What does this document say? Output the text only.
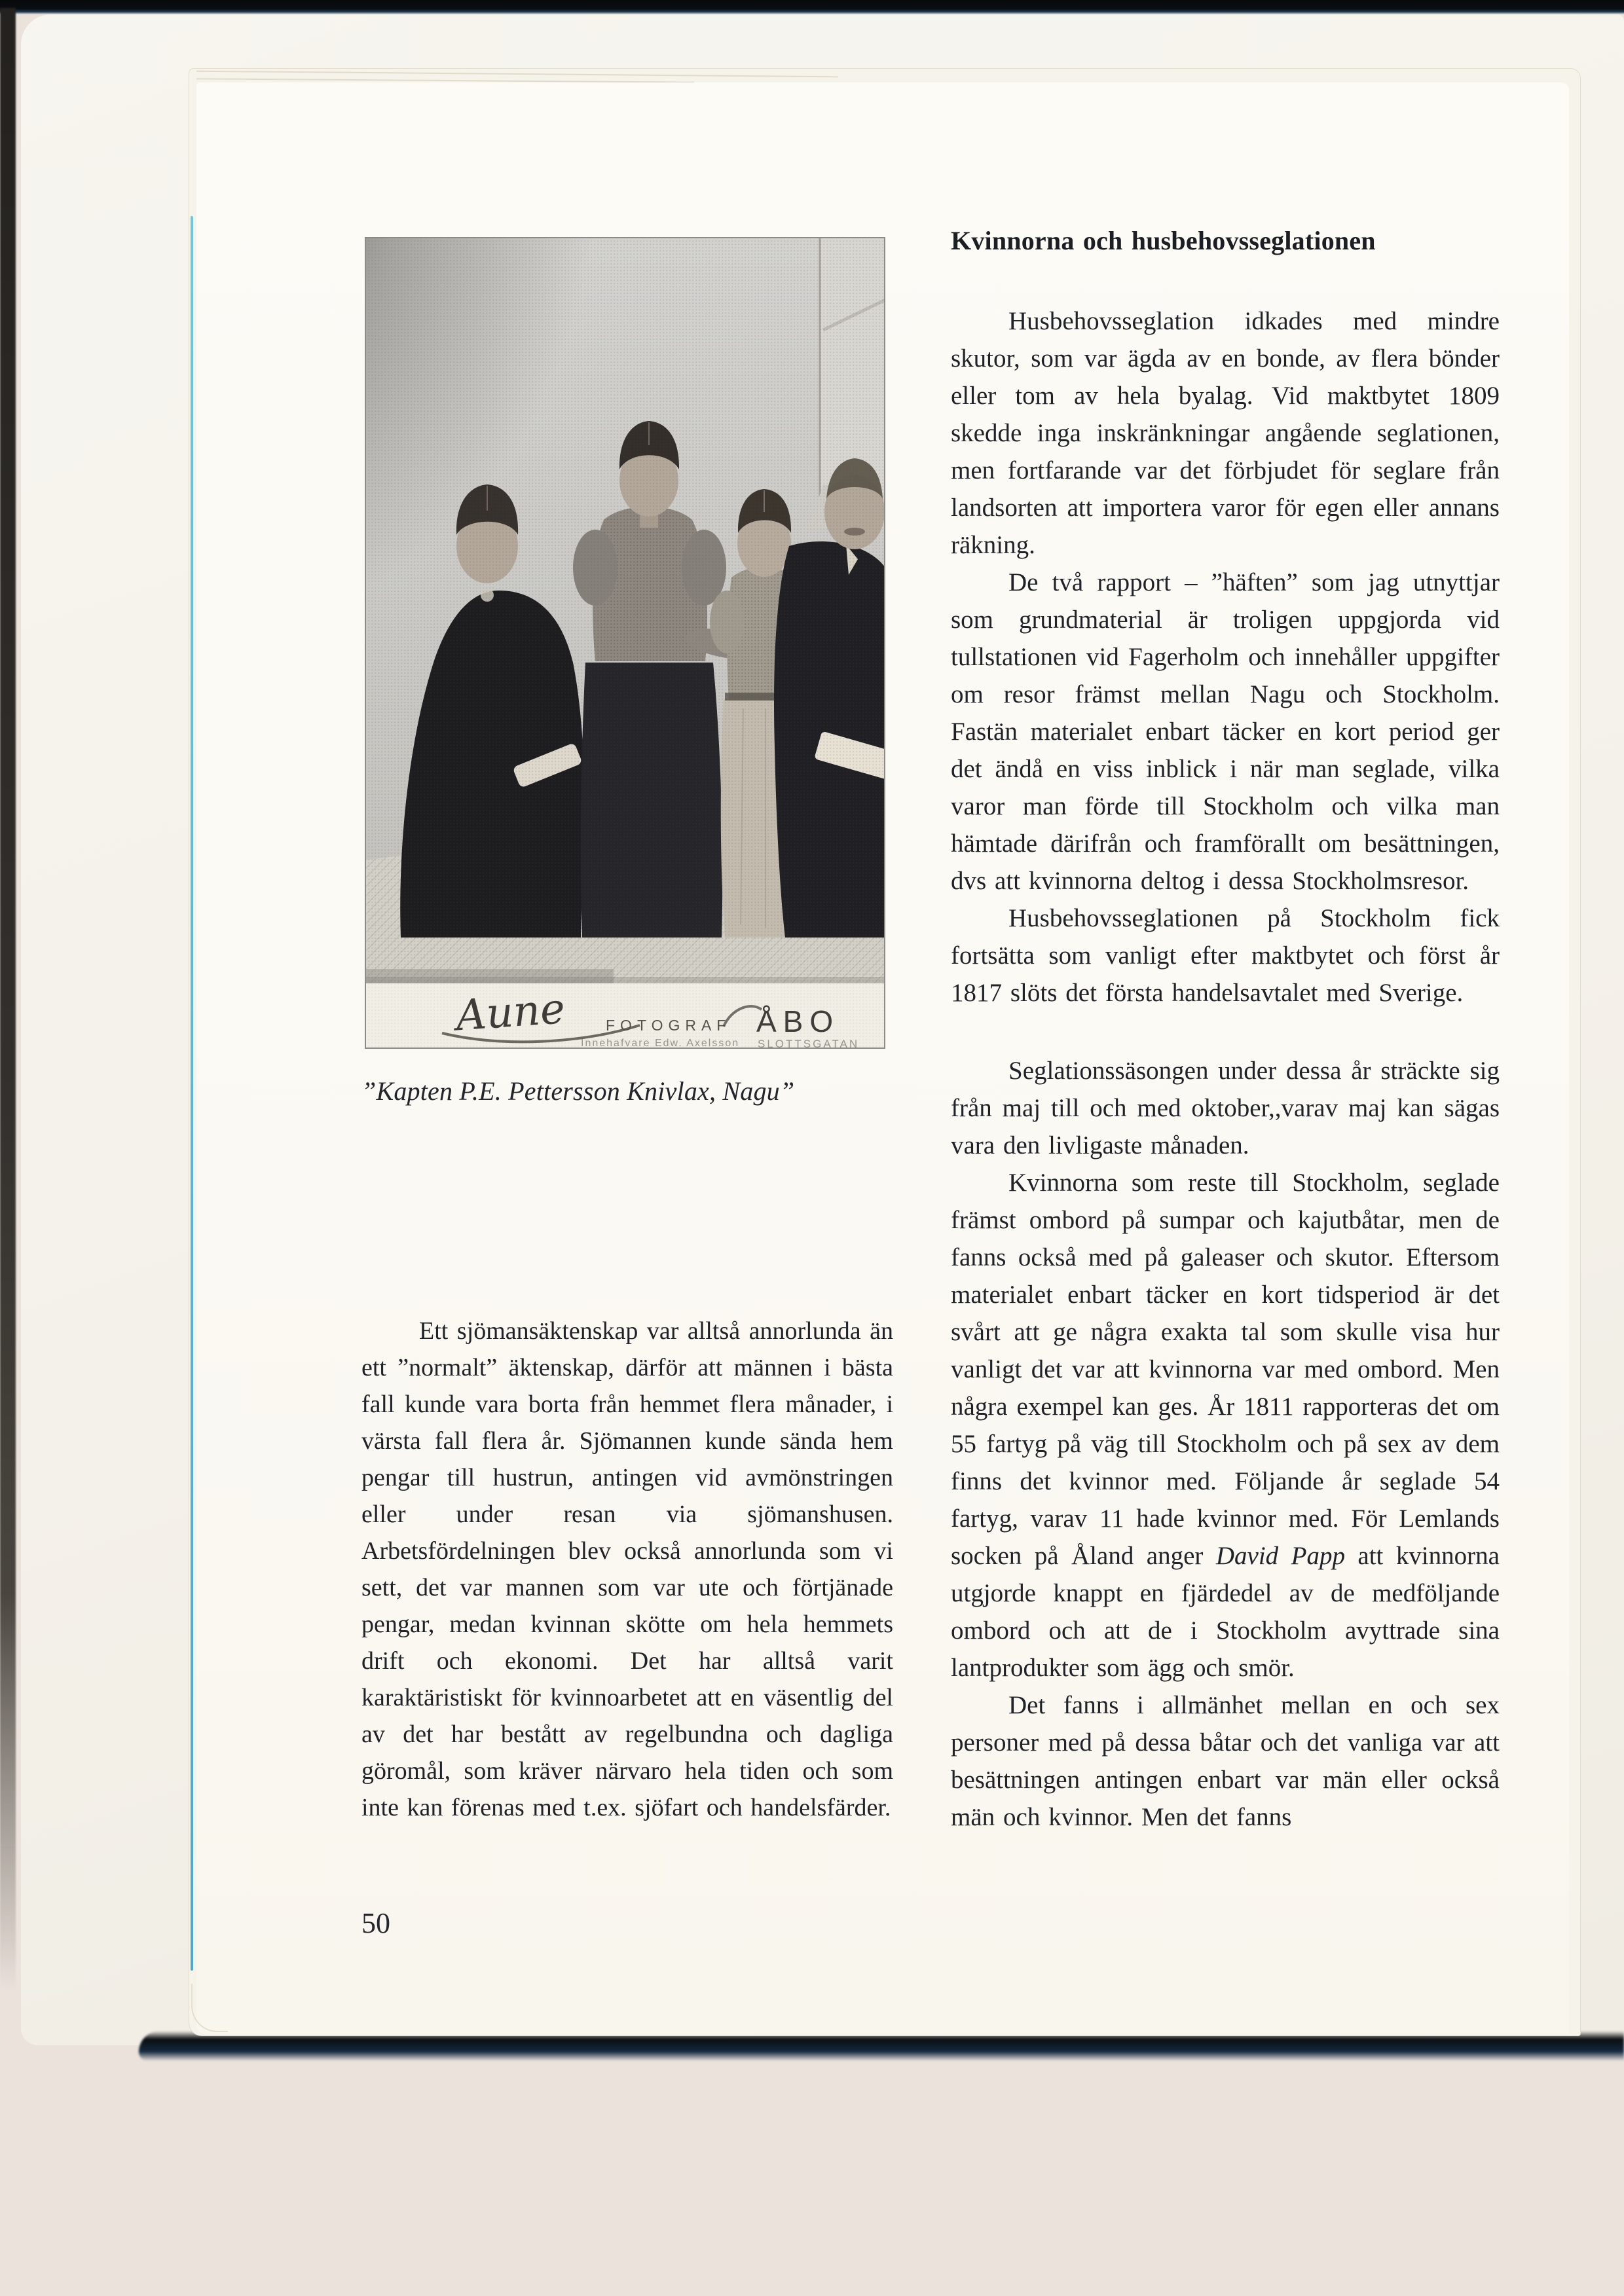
Aune	FOTOGRAF ÅBO
Innehafvare Edw. Axelsson SLOTTSGATAN
”Kapten P.E. Pettersson Knivlax, Nagu”

Ett sjömansäktenskap var alltså annorlunda än ett ”normalt” äktenskap, därför att männen i bästa fall kunde vara borta från hemmet flera månader, i värsta fall flera år. Sjömannen kunde sända hem pengar till hustrun, antingen vid avmönstringen eller under resan via sjömanshusen. Arbetsfördelningen blev också annorlunda som vi sett, det var mannen som var ute och förtjänade pengar, medan kvinnan skötte om hela hemmets drift och ekonomi. Det har alltså varit karaktäristiskt för kvinnoarbetet att en väsentlig del av det har bestått av regelbundna och dagliga göromål, som kräver närvaro hela tiden och som inte kan förenas med t.ex. sjöfart och handelsfärder.

50
Kvinnorna och husbehovsseglationen

Husbehovsseglation idkades med mindre skutor, som var ägda av en bonde, av flera bönder eller tom av hela byalag. Vid maktbytet 1809 skedde inga inskränkningar angående seglationen, men fortfarande var det förbjudet för seglare från landsorten att importera varor för egen eller annans räkning.

De två rapport – ”häften” som jag utnyttjar som grundmaterial är troligen uppgjorda vid tullstationen vid Fagerholm och innehåller uppgifter om resor främst mellan Nagu och Stockholm. Fastän materialet enbart täcker en kort period ger det ändå en viss inblick i när man seglade, vilka varor man förde till Stockholm och vilka man hämtade därifrån och framförallt om besättningen, dvs att kvinnorna deltog i dessa Stockholmsresor.

Husbehovsseglationen på Stockholm fick fortsätta som vanligt efter maktbytet och först år 1817 slöts det första handelsavtalet med Sverige.

Seglationssäsongen under dessa år sträckte sig från maj till och med oktober,,varav maj kan sägas vara den livligaste månaden.

Kvinnorna som reste till Stockholm, seglade främst ombord på sumpar och kajutbåtar, men de fanns också med på galeaser och skutor. Eftersom materialet enbart täcker en kort tidsperiod är det svårt att ge några exakta tal som skulle visa hur vanligt det var att kvinnorna var med ombord. Men några exempel kan ges. År 1811 rapporteras det om 55 fartyg på väg till Stockholm och på sex av dem finns det kvinnor med. Följande år seglade 54 fartyg, varav 11 hade kvinnor med. För Lemlands socken på Åland anger David Papp att kvinnorna utgjorde knappt en fjärdedel av de medföljande ombord och att de i Stockholm avyttrade sina lantprodukter som ägg och smör.

Det fanns i allmänhet mellan en och sex personer med på dessa båtar och det vanliga var att besättningen antingen enbart var män eller också män och kvinnor. Men det fanns
